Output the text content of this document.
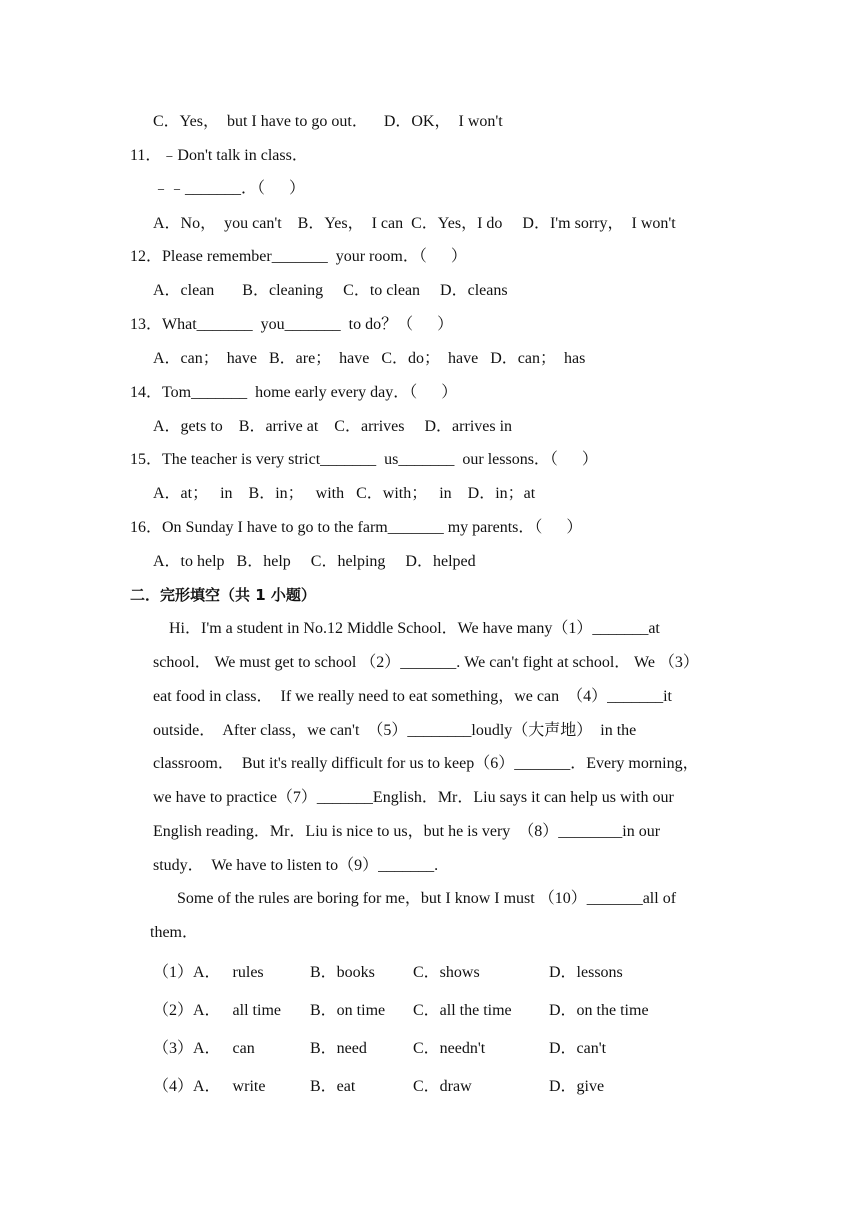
C．Yes，  but I have to go out．    D．OK，  I won't
11．﹣Don't talk in class．
﹣﹣_______．（      ）
A．No，  you can't    B．Yes，  I can  C．Yes，I do     D．I'm sorry，  I won't
12．Please remember_______  your room．（      ）
A．clean       B．cleaning     C．to clean     D．cleans
13．What_______  you_______  to do？（      ）
A．can；  have   B．are；  have   C．do；  have   D．can；  has
14．Tom_______  home early every day．（      ）
A．gets to    B．arrive at    C．arrives     D．arrives in
15．The teacher is very strict_______  us_______  our lessons．（      ）
A．at；   in    B．in；   with   C．with；   in    D．in；at
16．On Sunday I have to go to the farm_______ my parents．（      ）
A．to help   B．help     C．helping     D．helped
二．完形填空（共 1 小题）
Hi．I'm a student in No.12 Middle School．We have many（1）_______at
school． We must get to school （2）_______. We can't fight at school． We （3）
eat food in class．  If we really need to eat something，we can  （4）_______it
outside．  After class，we can't  （5）________loudly（大声地）  in the
classroom．  But it's really difficult for us to keep（6）_______．Every morning，
we have to practice（7）_______English．Mr．Liu says it can help us with our
English reading．Mr．Liu is nice to us，but he is very  （8）________in our
study．  We have to listen to（9）_______.
Some of the rules are boring for me，but I know I must （10）_______all of
them．
（1） A．   rules	B．books C．shows	D．lessons
（2） A．   all time B．on time C．all the time D．on the time
（3） A．   can	B．need	C．needn't	D．can't
（4） A．   write	B．eat	C．draw	D．give
